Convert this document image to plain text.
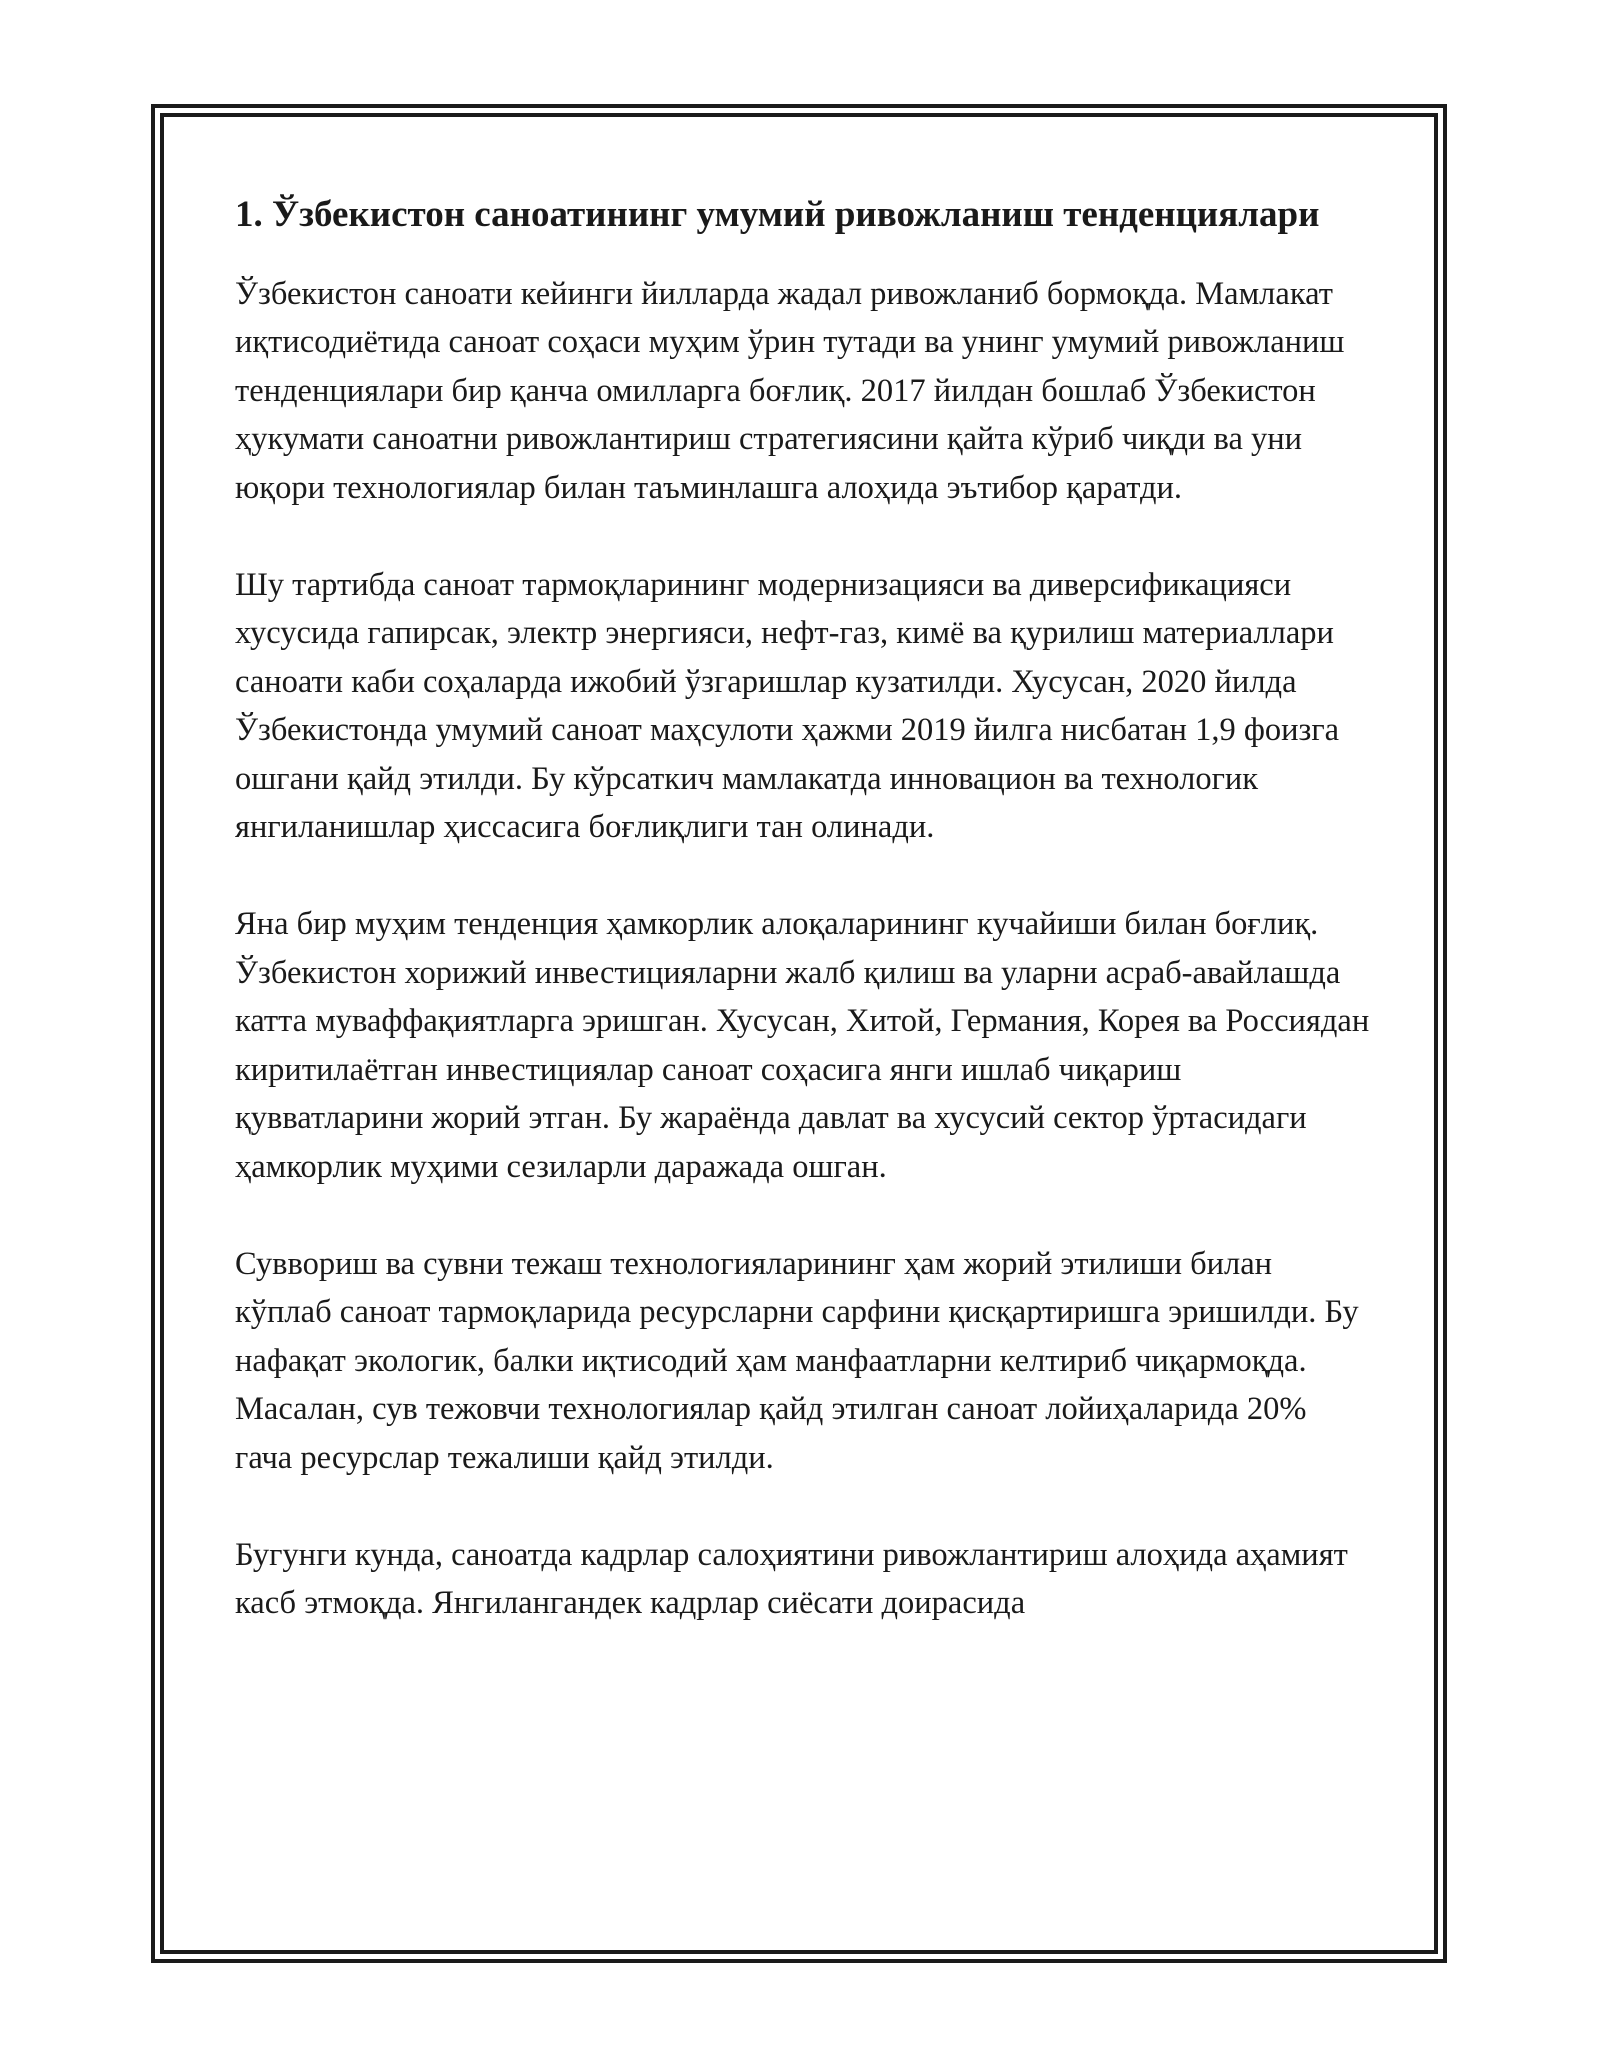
1. Ўзбекистон саноатининг умумий ривожланиш тенденциялари

Ўзбекистон саноати кейинги йилларда жадал ривожланиб бормоқда. Мамлакат иқтисодиётида саноат соҳаси муҳим ўрин тутади ва унинг умумий ривожланиш тенденциялари бир қанча омилларга боғлиқ. 2017 йилдан бошлаб Ўзбекистон ҳукумати саноатни ривожлантириш стратегиясини қайта кўриб чиқди ва уни юқори технологиялар билан таъминлашга алоҳида эътибор қаратди.

Шу тартибда саноат тармоқларининг модернизацияси ва диверсификацияси хусусида гапирсак, электр энергияси, нефт-газ, кимё ва қурилиш материаллари саноати каби соҳаларда ижобий ўзгаришлар кузатилди. Хусусан, 2020 йилда Ўзбекистонда умумий саноат маҳсулоти ҳажми 2019 йилга нисбатан 1,9 фоизга ошгани қайд этилди. Бу кўрсаткич мамлакатда инновацион ва технологик янгиланишлар ҳиссасига боғлиқлиги тан олинади.

Яна бир муҳим тенденция ҳамкорлик алоқаларининг кучайиши билан боғлиқ. Ўзбекистон хорижий инвестицияларни жалб қилиш ва уларни асраб-авайлашда катта муваффақиятларга эришган. Хусусан, Хитой, Германия, Корея ва Россиядан киритилаётган инвестициялар саноат соҳасига янги ишлаб чиқариш қувватларини жорий этган. Бу жараёнда давлат ва хусусий сектор ўртасидаги ҳамкорлик муҳими сезиларли даражада ошган.

Суввориш ва сувни тежаш технологияларининг ҳам жорий этилиши билан кўплаб саноат тармоқларида ресурсларни сарфини қисқартиришга эришилди. Бу нафақат экологик, балки иқтисодий ҳам манфаатларни келтириб чиқармоқда. Масалан, сув тежовчи технологиялар қайд этилган саноат лойиҳаларида 20% гача ресурслар тежалиши қайд этилди.

Бугунги кунда, саноатда кадрлар салоҳиятини ривожлантириш алоҳида аҳамият касб этмоқда. Янгилангандек кадрлар сиёсати доирасида
